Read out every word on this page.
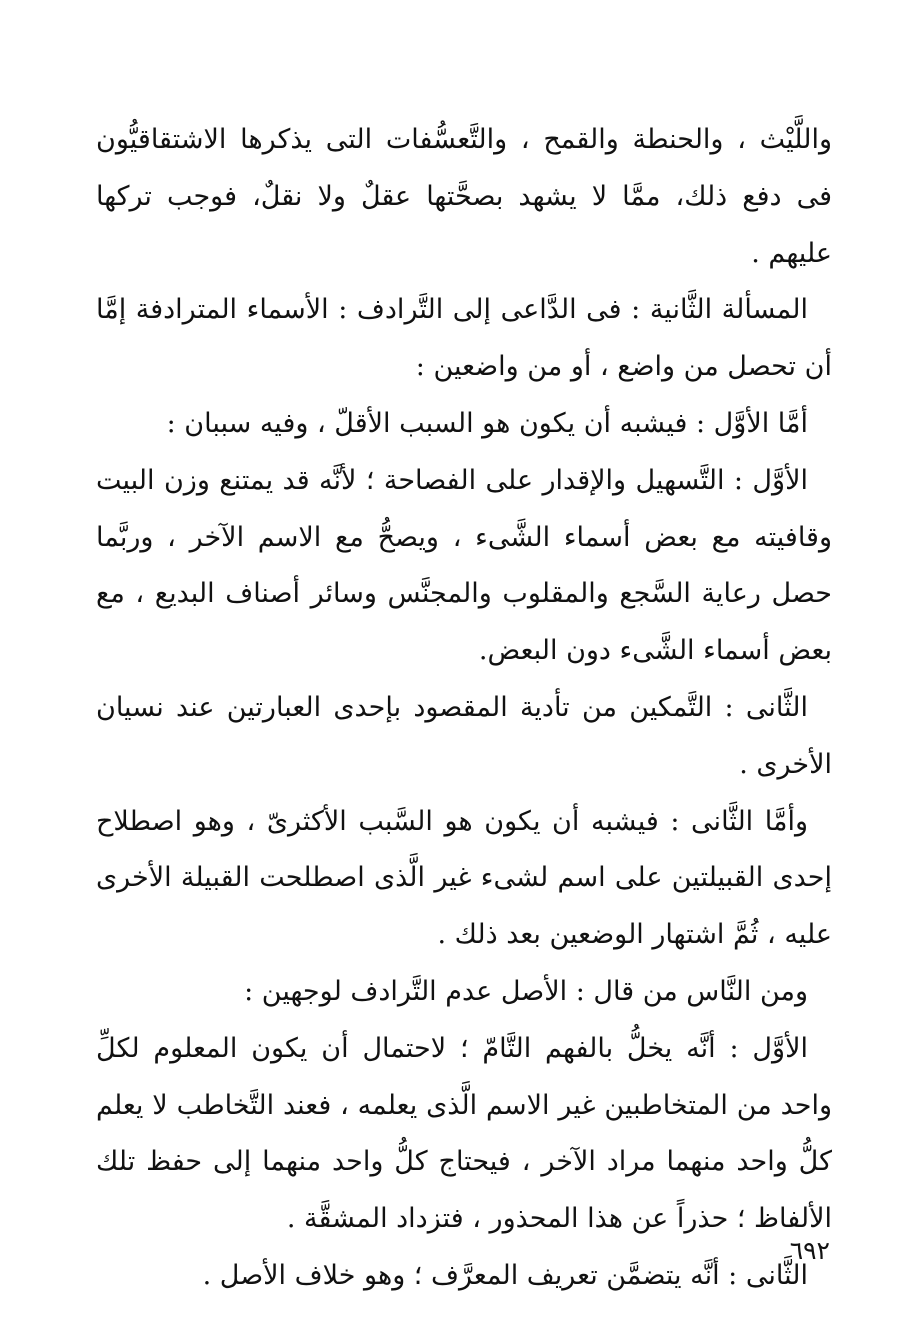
واللَّيْث ، والحنطة والقمح ، والتَّعسُّفات التى يذكرها الاشتقاقيُّون فى دفع ذلك، ممَّا لا يشهد بصحَّتها عقلٌ ولا نقلٌ، فوجب تركها عليهم .

المسألة الثَّانية : فى الدَّاعى إلى التَّرادف : الأسماء المترادفة إمَّا أن تحصل من واضع ، أو من واضعين :

أمَّا الأوَّل : فيشبه أن يكون هو السبب الأقلّ ، وفيه سببان :

الأوَّل : التَّسهيل والإقدار على الفصاحة ؛ لأنَّه قد يمتنع وزن البيت وقافيته مع بعض أسماء الشَّىء ، ويصحُّ مع الاسم الآخر ، وربَّما حصل رعاية السَّجع والمقلوب والمجنَّس وسائر أصناف البديع ، مع بعض أسماء الشَّىء دون البعض.

الثَّانى : التَّمكين من تأدية المقصود بإحدى العبارتين عند نسيان الأخرى .

وأمَّا الثَّانى : فيشبه أن يكون هو السَّبب الأكثرىّ ، وهو اصطلاح إحدى القبيلتين على اسم لشىء غير الَّذى اصطلحت القبيلة الأخرى عليه ، ثُمَّ اشتهار الوضعين بعد ذلك .

ومن النَّاس من قال : الأصل عدم التَّرادف لوجهين :

الأوَّل : أنَّه يخلُّ بالفهم التَّامّ ؛ لاحتمال أن يكون المعلوم لكلِّ واحد من المتخاطبين غير الاسم الَّذى يعلمه ، فعند التَّخاطب لا يعلم كلُّ واحد منهما مراد الآخر ، فيحتاج كلُّ واحد منهما إلى حفظ تلك الألفاظ ؛ حذراً عن هذا المحذور ، فتزداد المشقَّة .

الثَّانى : أنَّه يتضمَّن تعريف المعرَّف ؛ وهو خلاف الأصل .

٦٩٢
